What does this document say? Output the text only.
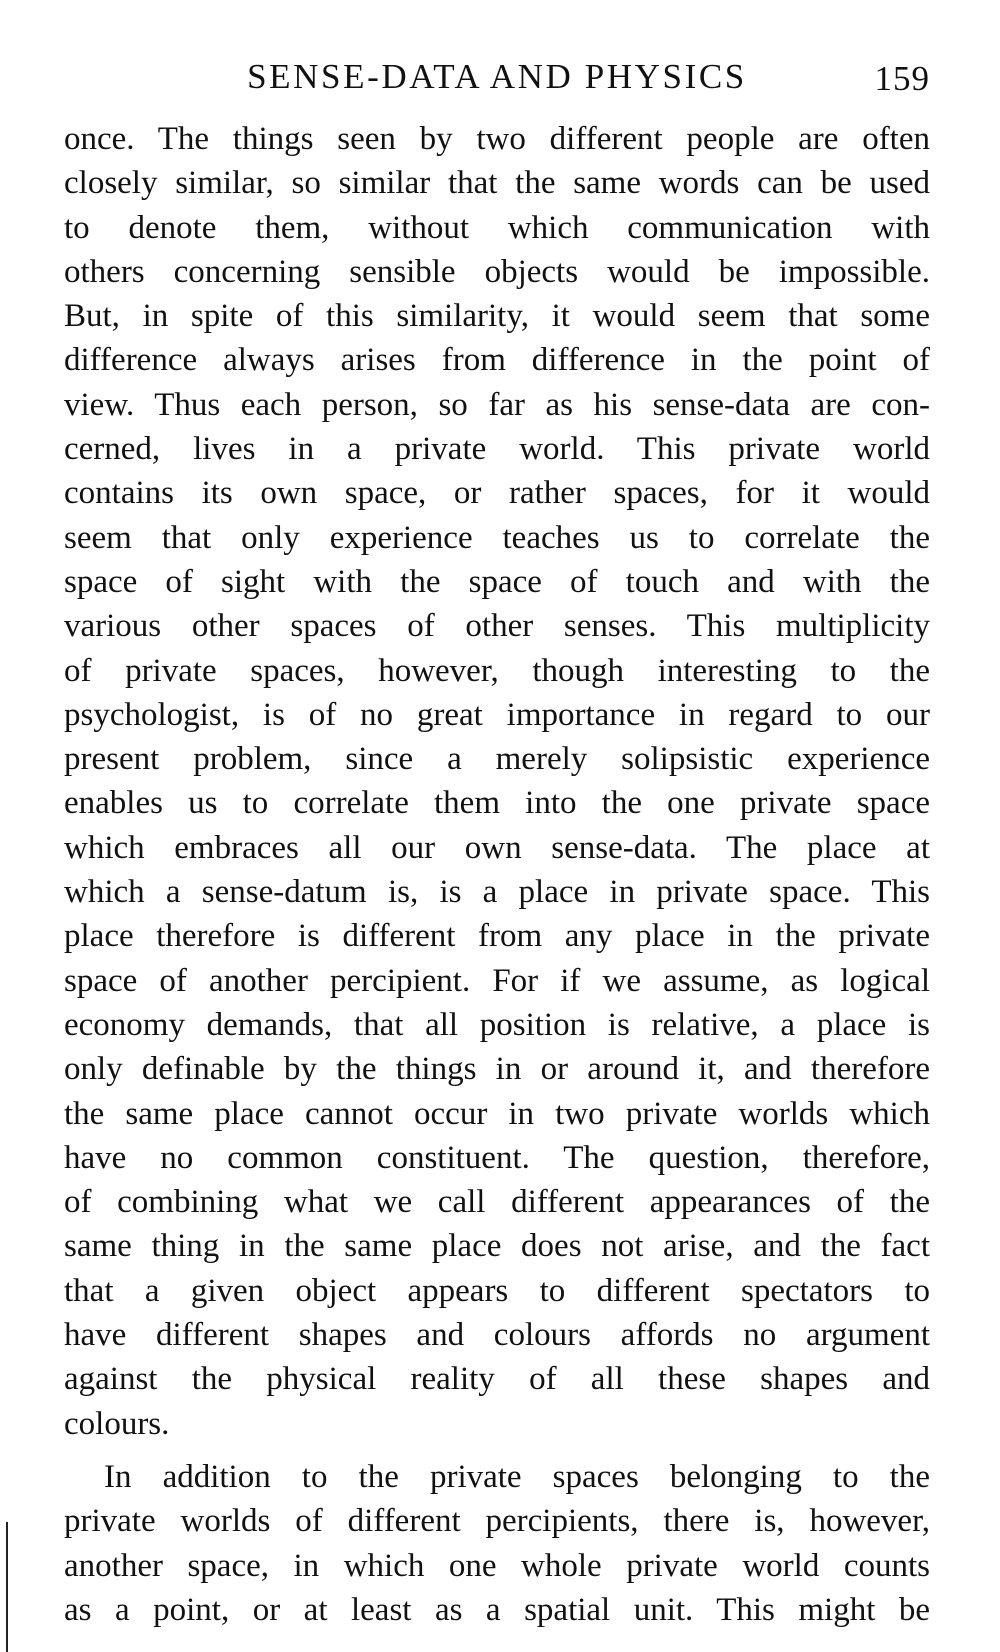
SENSE-DATA AND PHYSICS	159
once. The things seen by two different people are often
closely similar, so similar that the same words can be used
to denote them, without which communication with
others concerning sensible objects would be impossible.
But, in spite of this similarity, it would seem that some
difference always arises from difference in the point of
view. Thus each person, so far as his sense-data are con-
cerned, lives in a private world. This private world
contains its own space, or rather spaces, for it would
seem that only experience teaches us to correlate the
space of sight with the space of touch and with the
various other spaces of other senses. This multiplicity
of private spaces, however, though interesting to the
psychologist, is of no great importance in regard to our
present problem, since a merely solipsistic experience
enables us to correlate them into the one private space
which embraces all our own sense-data. The place at
which a sense-datum is, is a place in private space. This
place therefore is different from any place in the private
space of another percipient. For if we assume, as logical
economy demands, that all position is relative, a place is
only definable by the things in or around it, and therefore
the same place cannot occur in two private worlds which
have no common constituent. The question, therefore,
of combining what we call different appearances of the
same thing in the same place does not arise, and the fact
that a given object appears to different spectators to
have different shapes and colours affords no argument
against the physical reality of all these shapes and
colours.
In addition to the private spaces belonging to the
private worlds of different percipients, there is, however,
another space, in which one whole private world counts
as a point, or at least as a spatial unit. This might be
